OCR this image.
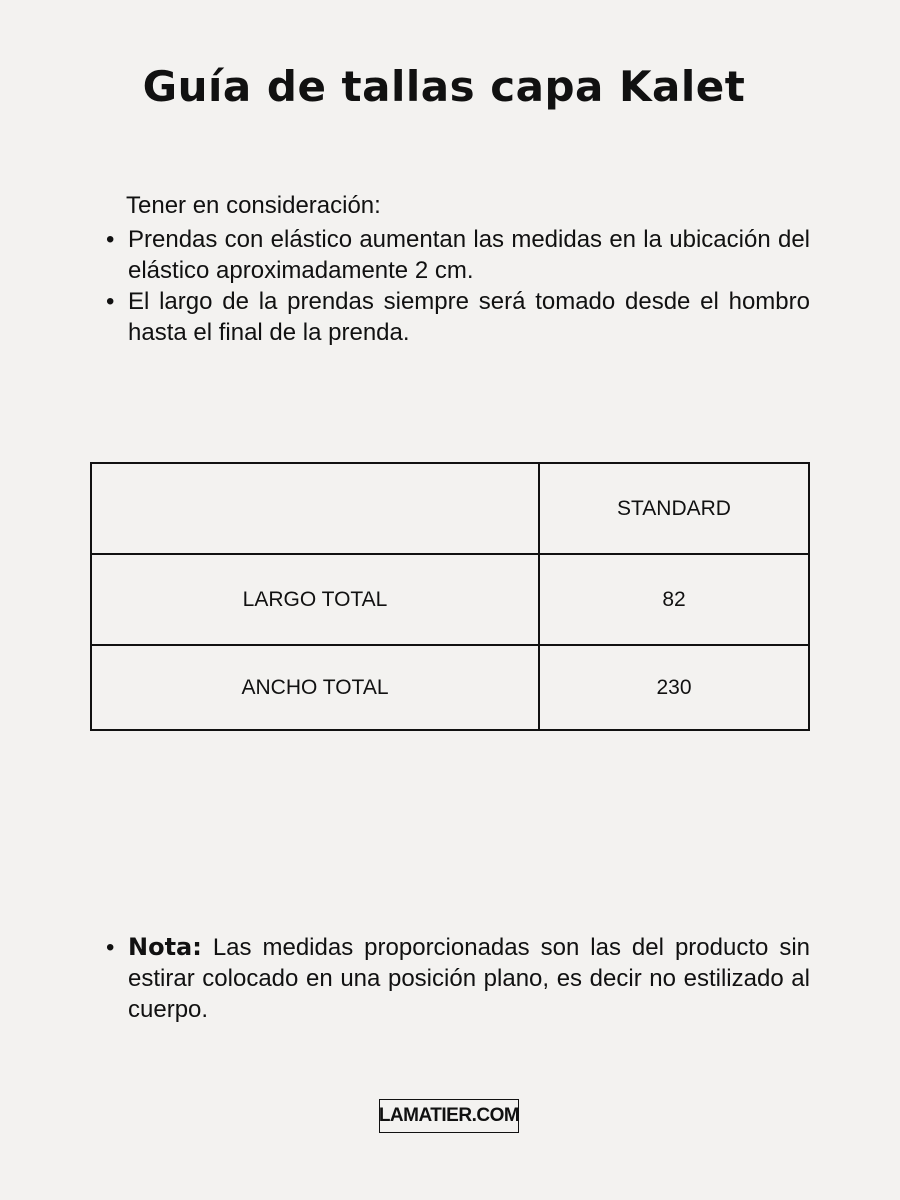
Guía de tallas capa Kalet
Tener en consideración:
• Prendas con elástico aumentan las medidas en la ubicación del elástico aproximadamente 2 cm.
• El largo de la prendas siempre será tomado desde el hombro hasta el final de la prenda.
	STANDARD
LARGO TOTAL	82
ANCHO TOTAL	230
• Nota: Las medidas proporcionadas son las del producto sin estirar colocado en una posición plano, es decir no estilizado al cuerpo.
LAMATIER.COM
